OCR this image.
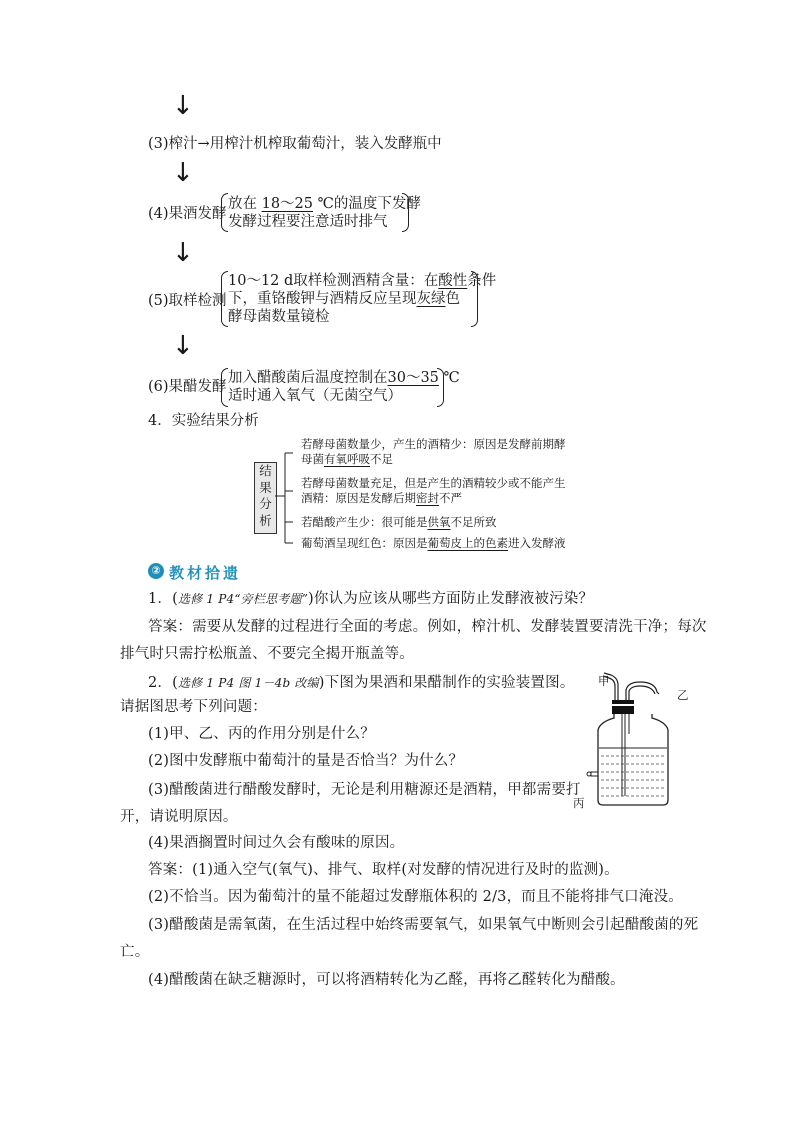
↓
(3)榨汁→用榨汁机榨取葡萄汁，装入发酵瓶中
↓
(4)果酒发酵
放在 18～25 ℃的温度下发酵
发酵过程要注意适时排气
↓
(5)取样检测
10～12 d取样检测酒精含量：在酸性条件
下，重铬酸钾与酒精反应呈现灰绿色
酵母菌数量镜检
↓
(6)果醋发酵
加入醋酸菌后温度控制在30～35 ℃
适时通入氧气（无菌空气）
4．实验结果分析
结
果
分
析
若酵母菌数量少，产生的酒精少：原因是发酵前期酵
母菌有氧呼吸不足
若酵母菌数量充足，但是产生的酒精较少或不能产生
酒精：原因是发酵后期密封不严
若醋酸产生少：很可能是供氧不足所致
葡萄酒呈现红色：原因是葡萄皮上的色素进入发酵液
② 教材拾遗
1．(选修 1 P4“旁栏思考题”)你认为应该从哪些方面防止发酵液被污染？
答案：需要从发酵的过程进行全面的考虑。例如，榨汁机、发酵装置要清洗干净；每次
排气时只需拧松瓶盖、不要完全揭开瓶盖等。
2．(选修 1 P4 图 1－4b 改编)下图为果酒和果醋制作的实验装置图。
请据图思考下列问题：
(1)甲、乙、丙的作用分别是什么？
(2)图中发酵瓶中葡萄汁的量是否恰当？为什么？
(3)醋酸菌进行醋酸发酵时，无论是利用糖源还是酒精，甲都需要打
开，请说明原因。
(4)果酒搁置时间过久会有酸味的原因。
答案：(1)通入空气(氧气)、排气、取样(对发酵的情况进行及时的监测)。
(2)不恰当。因为葡萄汁的量不能超过发酵瓶体积的 2/3，而且不能将排气口淹没。
(3)醋酸菌是需氧菌，在生活过程中始终需要氧气，如果氧气中断则会引起醋酸菌的死
亡。
(4)醋酸菌在缺乏糖源时，可以将酒精转化为乙醛，再将乙醛转化为醋酸。
甲
乙
丙
